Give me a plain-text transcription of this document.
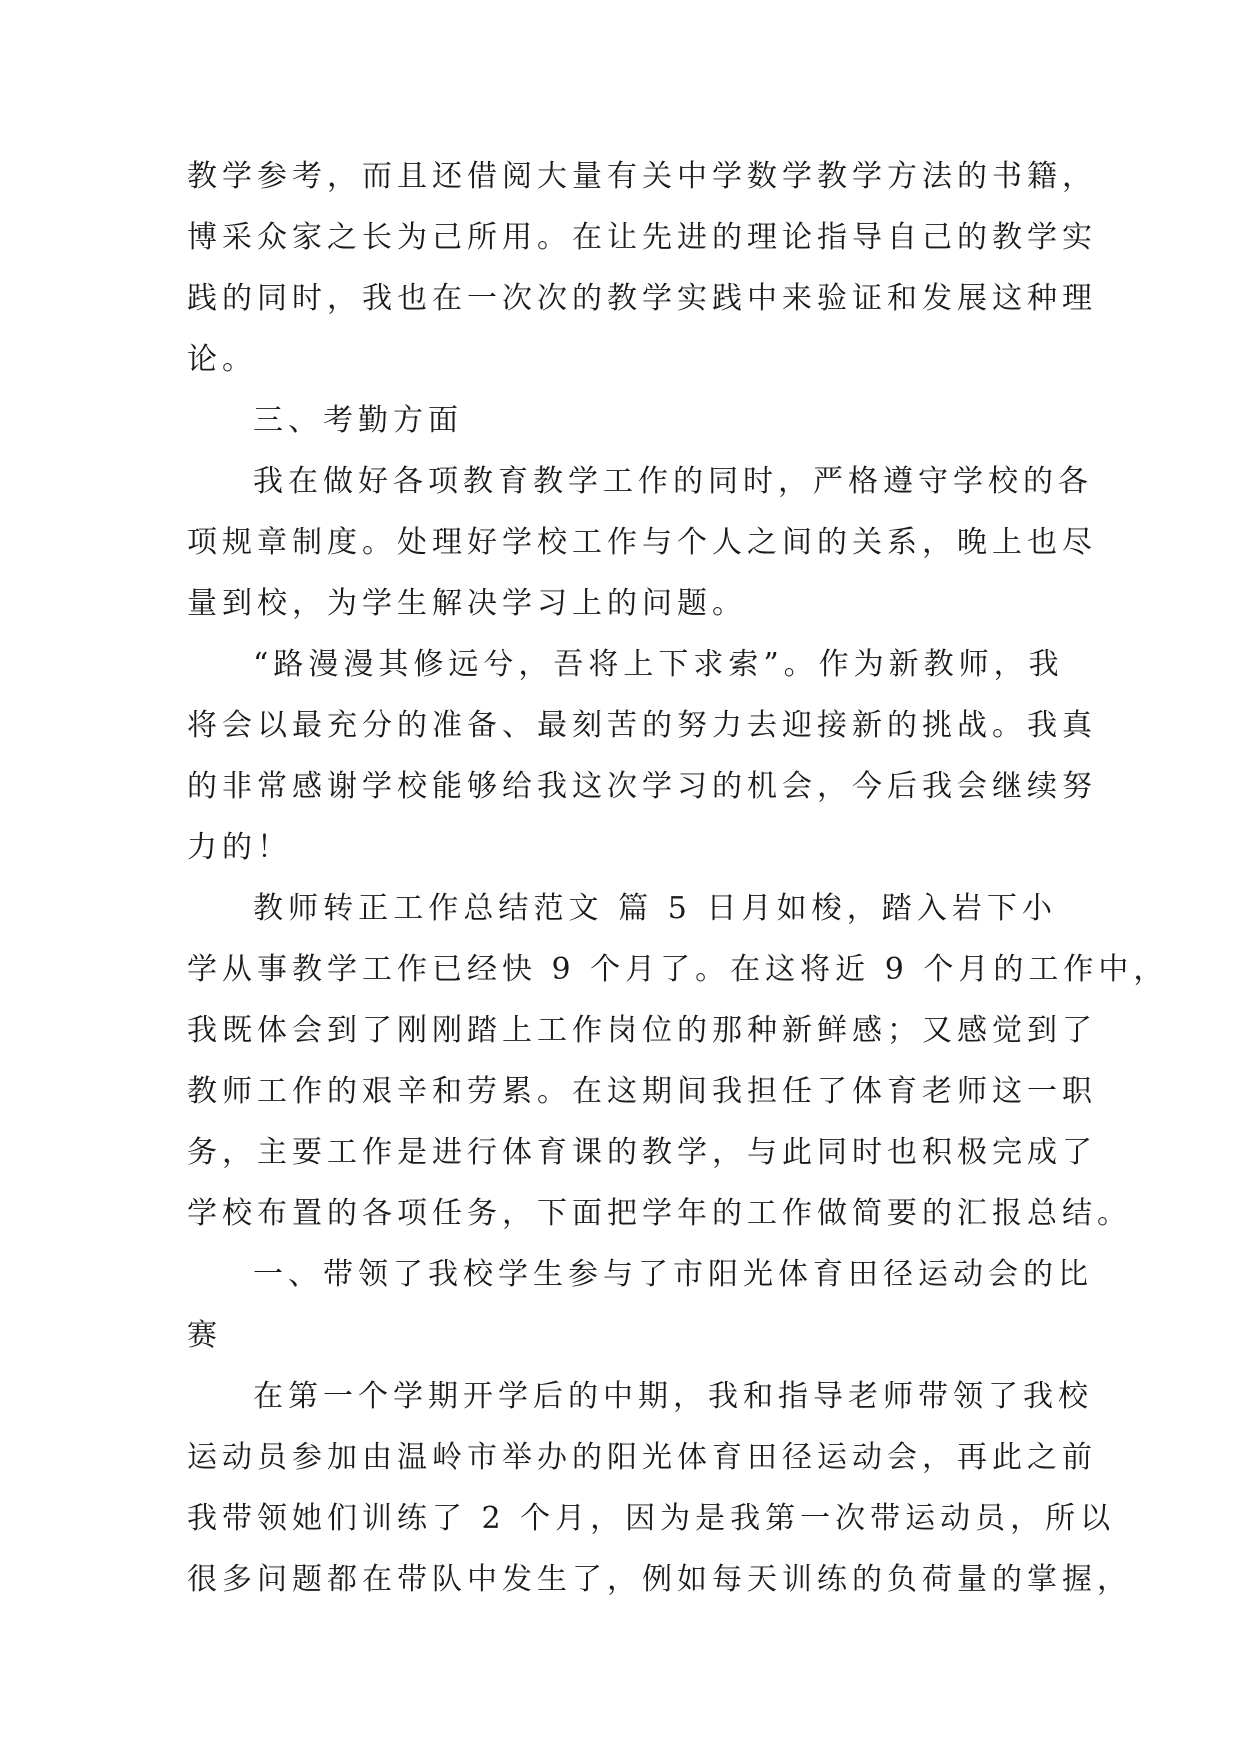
教学参考，而且还借阅大量有关中学数学教学方法的书籍，
博采众家之长为己所用。在让先进的理论指导自己的教学实
践的同时，我也在一次次的教学实践中来验证和发展这种理
论。
三、考勤方面
我在做好各项教育教学工作的同时，严格遵守学校的各
项规章制度。处理好学校工作与个人之间的关系，晚上也尽
量到校，为学生解决学习上的问题。
“路漫漫其修远兮，吾将上下求索”。作为新教师，我
将会以最充分的准备、最刻苦的努力去迎接新的挑战。我真
的非常感谢学校能够给我这次学习的机会，今后我会继续努
力的！
教师转正工作总结范文 篇 5 日月如梭，踏入岩下小
学从事教学工作已经快 9 个月了。在这将近 9 个月的工作中，
我既体会到了刚刚踏上工作岗位的那种新鲜感；又感觉到了
教师工作的艰辛和劳累。在这期间我担任了体育老师这一职
务，主要工作是进行体育课的教学，与此同时也积极完成了
学校布置的各项任务，下面把学年的工作做简要的汇报总结。
一、带领了我校学生参与了市阳光体育田径运动会的比
赛
在第一个学期开学后的中期，我和指导老师带领了我校
运动员参加由温岭市举办的阳光体育田径运动会，再此之前
我带领她们训练了 2 个月，因为是我第一次带运动员，所以
很多问题都在带队中发生了，例如每天训练的负荷量的掌握，
